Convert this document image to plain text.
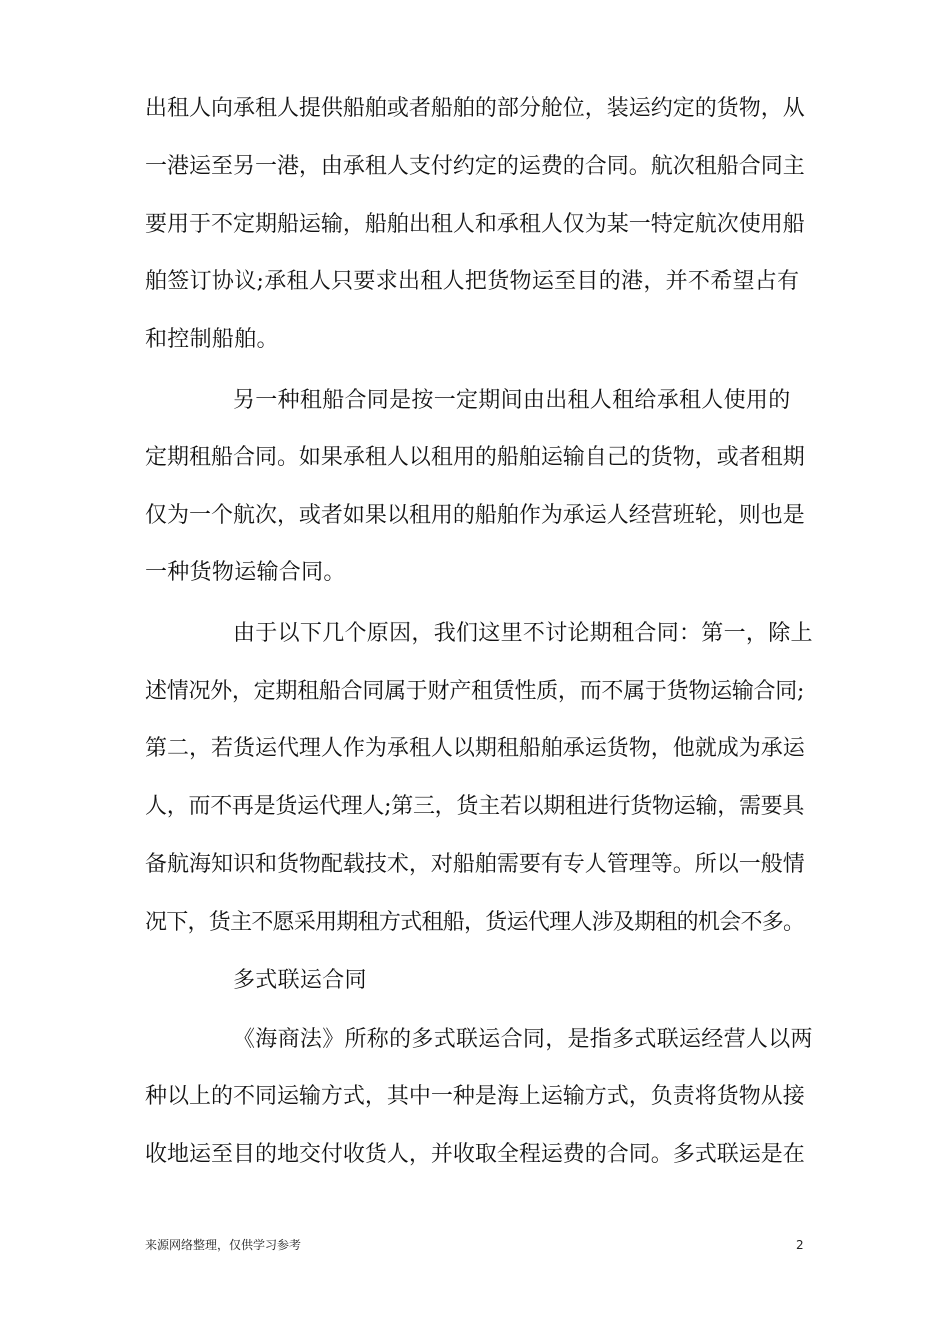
出租人向承租人提供船舶或者船舶的部分舱位，装运约定的货物，从
一港运至另一港，由承租人支付约定的运费的合同。航次租船合同主
要用于不定期船运输，船舶出租人和承租人仅为某一特定航次使用船
舶签订协议;承租人只要求出租人把货物运至目的港，并不希望占有
和控制船舶。
另一种租船合同是按一定期间由出租人租给承租人使用的
定期租船合同。如果承租人以租用的船舶运输自己的货物，或者租期
仅为一个航次，或者如果以租用的船舶作为承运人经营班轮，则也是
一种货物运输合同。
由于以下几个原因，我们这里不讨论期租合同：第一，除上
述情况外，定期租船合同属于财产租赁性质，而不属于货物运输合同;
第二，若货运代理人作为承租人以期租船舶承运货物，他就成为承运
人，而不再是货运代理人;第三，货主若以期租进行货物运输，需要具
备航海知识和货物配载技术，对船舶需要有专人管理等。所以一般情
况下，货主不愿采用期租方式租船，货运代理人涉及期租的机会不多。
多式联运合同
《海商法》所称的多式联运合同，是指多式联运经营人以两
种以上的不同运输方式，其中一种是海上运输方式，负责将货物从接
收地运至目的地交付收货人，并收取全程运费的合同。多式联运是在
来源网络整理，仅供学习参考	2
